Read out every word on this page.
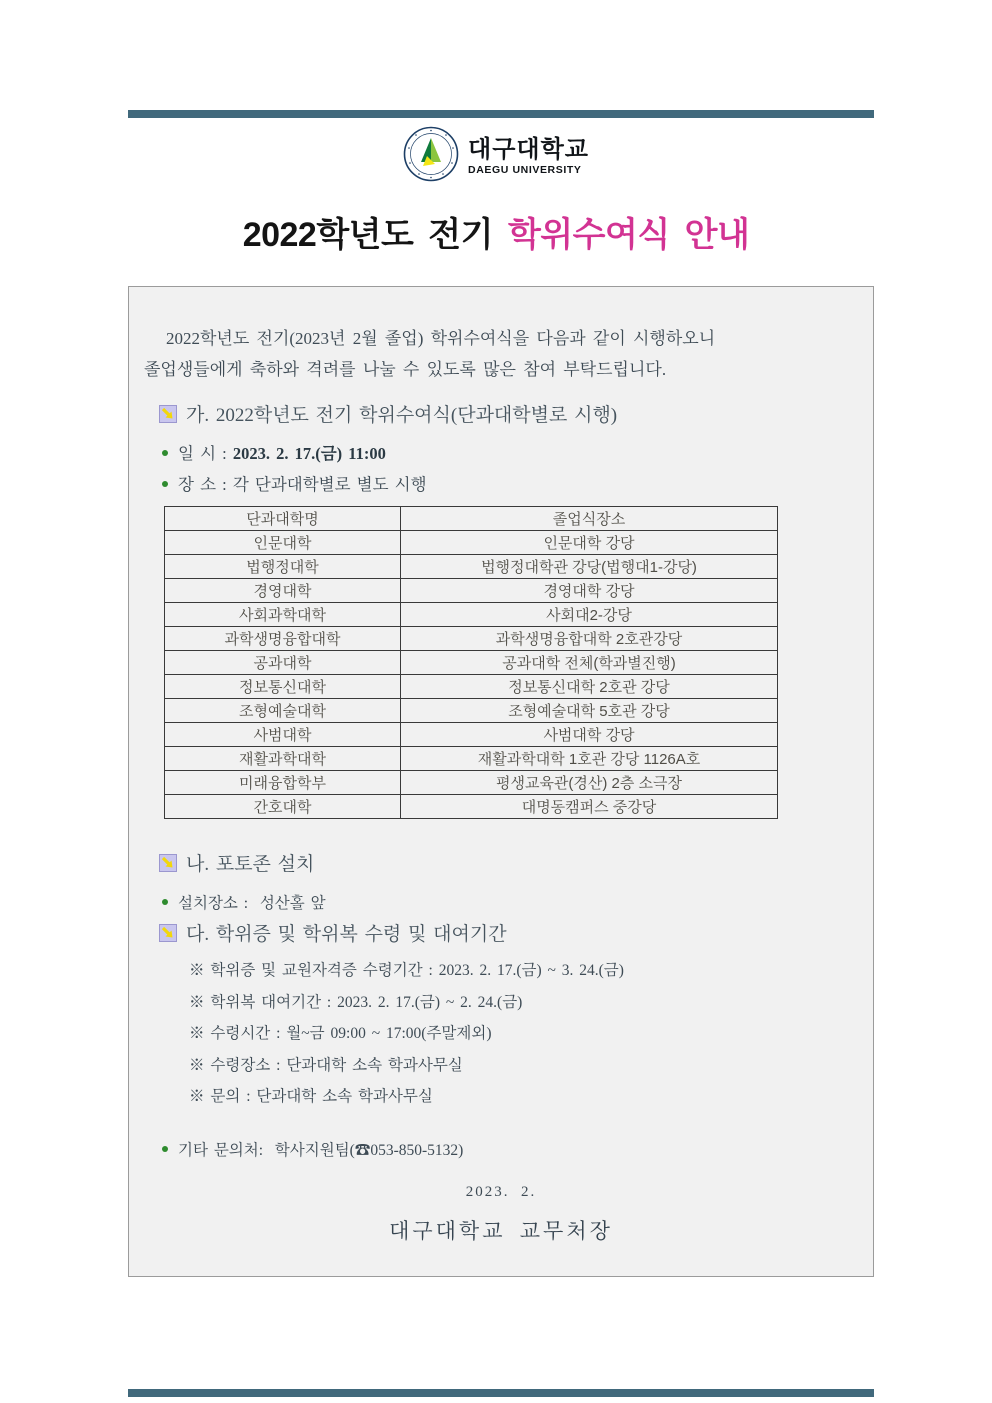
대구대학교
DAEGU UNIVERSITY
2022학년도 전기 학위수여식 안내

2022학년도 전기(2023년 2월 졸업) 학위수여식을 다음과 같이 시행하오니
졸업생들에게 축하와 격려를 나눌 수 있도록 많은 참여 부탁드립니다.

가. 2022학년도 전기 학위수여식(단과대학별로 시행)
일 시 : 2023. 2. 17.(금) 11:00
장 소 : 각 단과대학별로 별도 시행
단과대학명	졸업식장소
인문대학	인문대학 강당
법행정대학	법행정대학관 강당(법행대1-강당)
경영대학	경영대학 강당
사회과학대학	사회대2-강당
과학생명융합대학	과학생명융합대학 2호관강당
공과대학	공과대학 전체(학과별진행)
정보통신대학	정보통신대학 2호관 강당
조형예술대학	조형예술대학 5호관 강당
사범대학	사범대학 강당
재활과학대학	재활과학대학 1호관 강당 1126A호
미래융합학부	평생교육관(경산) 2층 소극장
간호대학	대명동캠퍼스 중강당
나. 포토존 설치
설치장소 :  성산홀 앞
다. 학위증 및 학위복 수령 및 대여기간
※ 학위증 및 교원자격증 수령기간 : 2023. 2. 17.(금) ~ 3. 24.(금)
※ 학위복 대여기간 : 2023. 2. 17.(금) ~ 2. 24.(금)
※ 수령시간 : 월~금 09:00 ~ 17:00(주말제외)
※ 수령장소 : 단과대학 소속 학과사무실
※ 문의 : 단과대학 소속 학과사무실
기타 문의처:  학사지원팀(☎053-850-5132)
2023.  2.
대구대학교 교무처장
